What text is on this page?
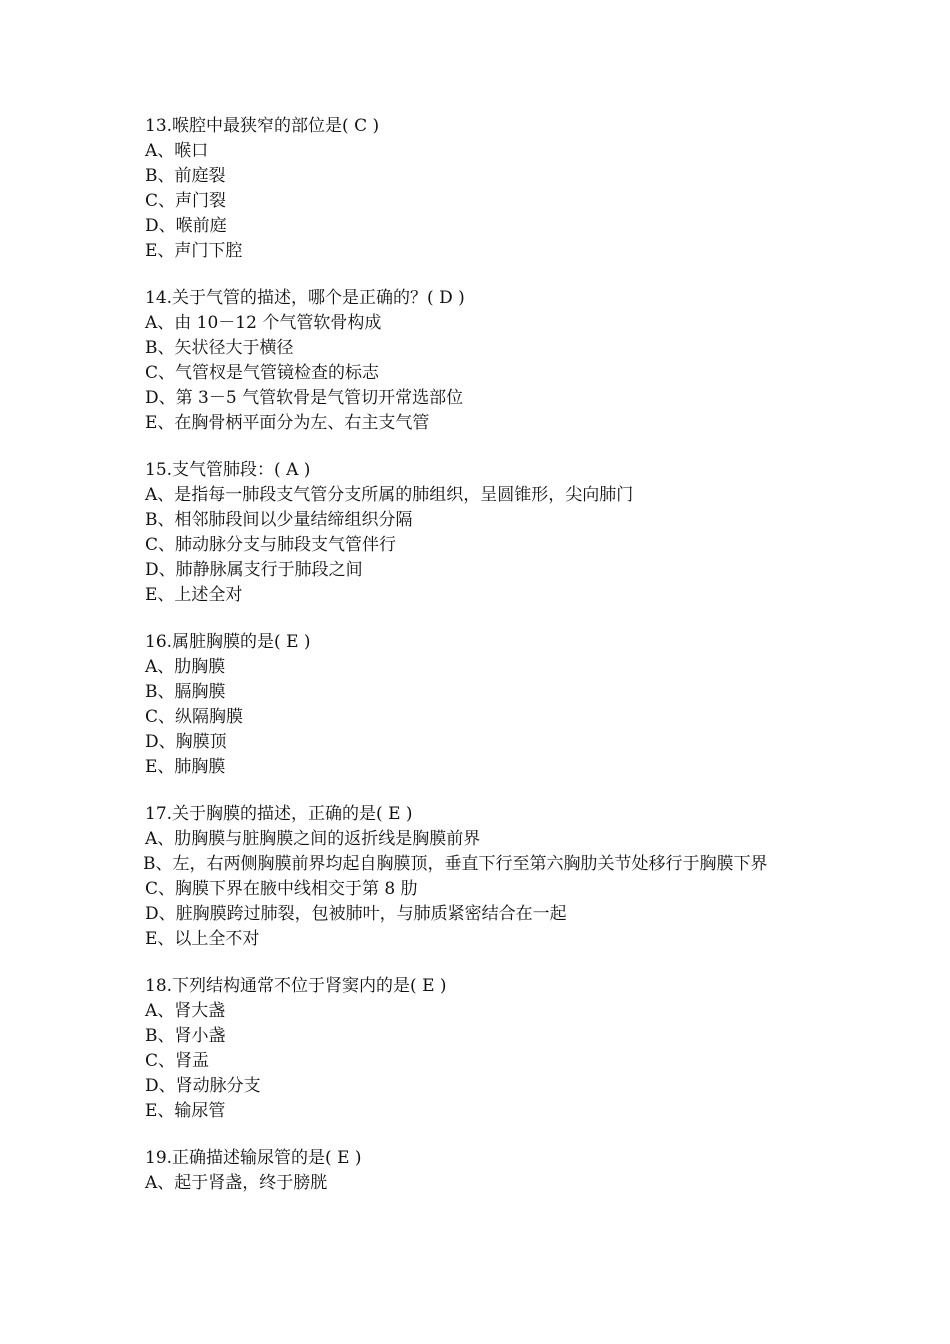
13.喉腔中最狭窄的部位是( C )
A、喉口
B、前庭裂
C、声门裂
D、喉前庭
E、声门下腔
14.关于气管的描述，哪个是正确的？( D )
A、由 10－12 个气管软骨构成
B、矢状径大于横径
C、气管杈是气管镜检查的标志
D、第 3－5 气管软骨是气管切开常选部位
E、在胸骨柄平面分为左、右主支气管
15.支气管肺段：( A )
A、是指每一肺段支气管分支所属的肺组织，呈圆锥形，尖向肺门
B、相邻肺段间以少量结缔组织分隔
C、肺动脉分支与肺段支气管伴行
D、肺静脉属支行于肺段之间
E、上述全对
16.属脏胸膜的是( E )
A、肋胸膜
B、膈胸膜
C、纵隔胸膜
D、胸膜顶
E、肺胸膜
17.关于胸膜的描述，正确的是( E )
A、肋胸膜与脏胸膜之间的返折线是胸膜前界
B、左，右两侧胸膜前界均起自胸膜顶，垂直下行至第六胸肋关节处移行于胸膜下界
C、胸膜下界在腋中线相交于第 8 肋
D、脏胸膜跨过肺裂，包被肺叶，与肺质紧密结合在一起
E、以上全不对
18.下列结构通常不位于肾窦内的是( E )
A、肾大盏
B、肾小盏
C、肾盂
D、肾动脉分支
E、输尿管
19.正确描述输尿管的是( E )
A、起于肾盏，终于膀胱
